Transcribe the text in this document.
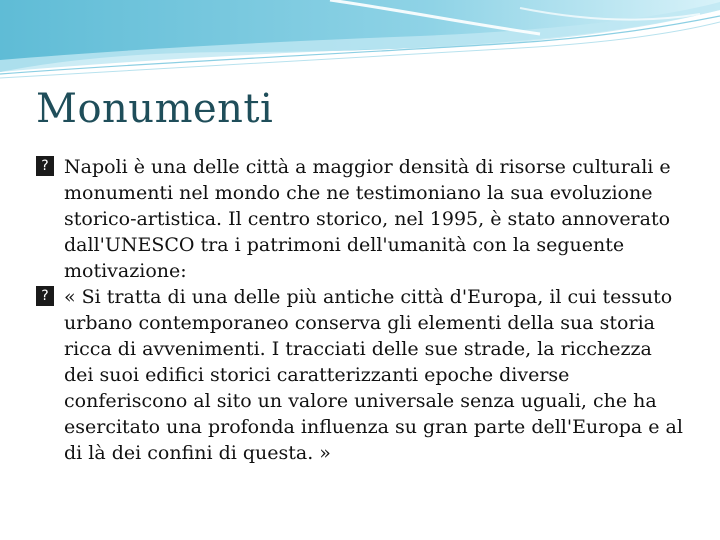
Monumenti

? Napoli è una delle città a maggior densità di risorse culturali e monumenti nel mondo che ne testimoniano la sua evoluzione storico-artistica. Il centro storico, nel 1995, è stato annoverato dall'UNESCO tra i patrimoni dell'umanità con la seguente motivazione:

? « Si tratta di una delle più antiche città d'Europa, il cui tessuto urbano contemporaneo conserva gli elementi della sua storia ricca di avvenimenti. I tracciati delle sue strade, la ricchezza dei suoi edifici storici caratterizzanti epoche diverse conferiscono al sito un valore universale senza uguali, che ha esercitato una profonda influenza su gran parte dell'Europa e al di là dei confini di questa. »
